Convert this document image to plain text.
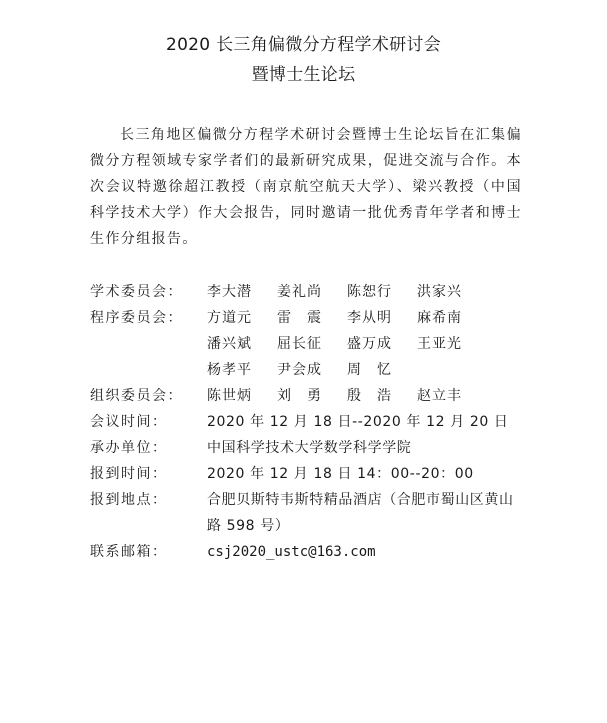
2020 长三角偏微分方程学术研讨会
暨博士生论坛

长三角地区偏微分方程学术研讨会暨博士生论坛旨在汇集偏微分方程领域专家学者们的最新研究成果，促进交流与合作。本次会议特邀徐超江教授（南京航空航天大学）、梁兴教授（中国科学技术大学）作大会报告，同时邀请一批优秀青年学者和博士生作分组报告。

学术委员会：	李大潜	姜礼尚	陈恕行	洪家兴
程序委员会：	方道元	雷　震	李从明	麻希南
潘兴斌	屈长征	盛万成	王亚光
杨孝平	尹会成	周　忆
组织委员会：	陈世炳	刘　勇	殷　浩	赵立丰
会议时间：	2020 年 12 月 18 日--2020 年 12 月 20 日
承办单位：	中国科学技术大学数学科学学院
报到时间：	2020 年 12 月 18 日 14：00--20：00
报到地点：	合肥贝斯特韦斯特精品酒店（合肥市蜀山区黄山路 598 号）
联系邮箱：	csj2020_ustc@163.com
